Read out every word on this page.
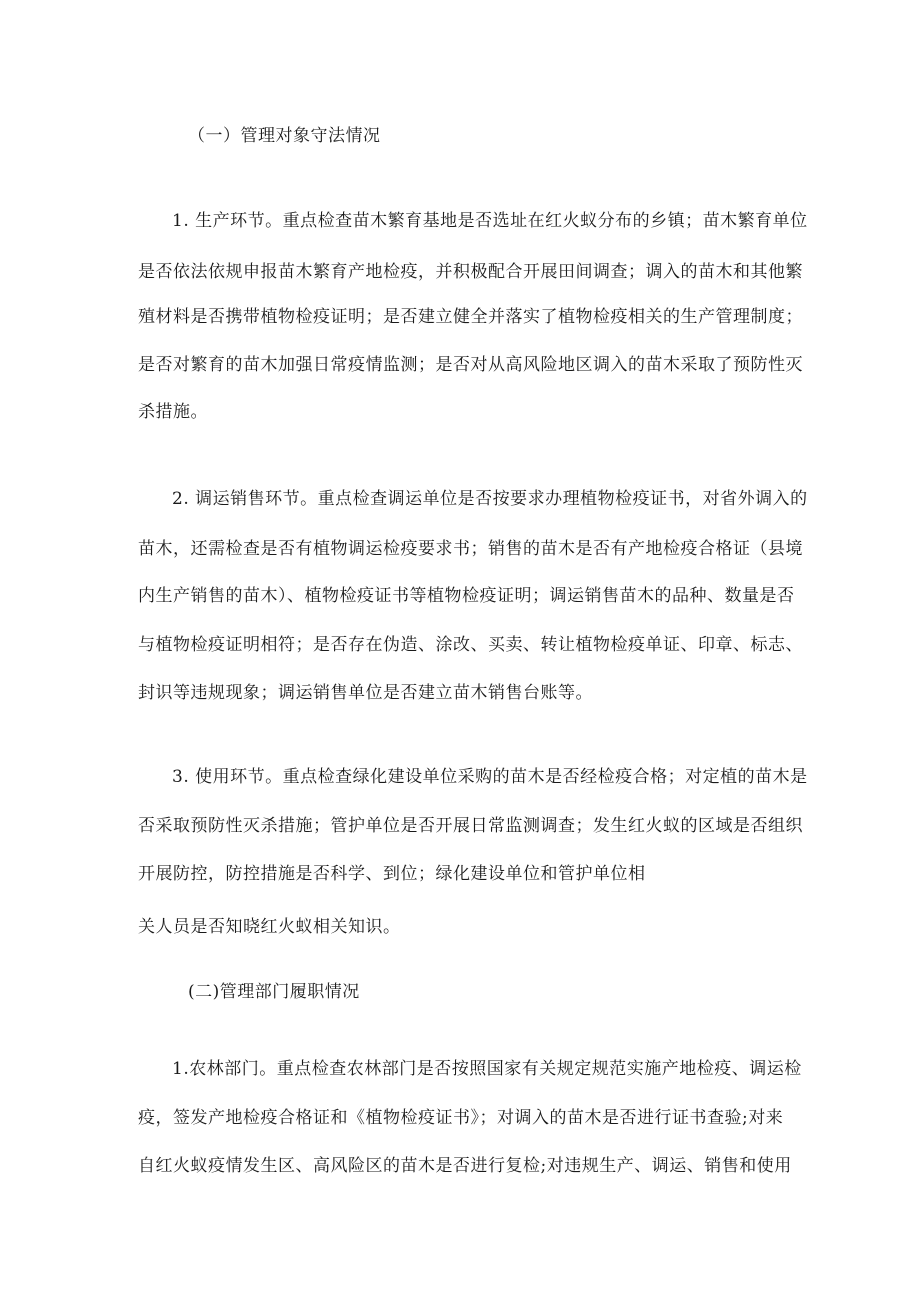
（一）管理对象守法情况
1. 生产环节。重点检查苗木繁育基地是否选址在红火蚁分布的乡镇；苗木繁育单位
是否依法依规申报苗木繁育产地检疫，并积极配合开展田间调查；调入的苗木和其他繁
殖材料是否携带植物检疫证明；是否建立健全并落实了植物检疫相关的生产管理制度；
是否对繁育的苗木加强日常疫情监测；是否对从高风险地区调入的苗木采取了预防性灭
杀措施。
2. 调运销售环节。重点检查调运单位是否按要求办理植物检疫证书，对省外调入的
苗木，还需检查是否有植物调运检疫要求书；销售的苗木是否有产地检疫合格证（县境
内生产销售的苗木）、植物检疫证书等植物检疫证明；调运销售苗木的品种、数量是否
与植物检疫证明相符；是否存在伪造、涂改、买卖、转让植物检疫单证、印章、标志、
封识等违规现象；调运销售单位是否建立苗木销售台账等。
3. 使用环节。重点检查绿化建设单位采购的苗木是否经检疫合格；对定植的苗木是
否采取预防性灭杀措施；管护单位是否开展日常监测调查；发生红火蚁的区域是否组织
开展防控，防控措施是否科学、到位；绿化建设单位和管护单位相
关人员是否知晓红火蚁相关知识。
(二)管理部门履职情况
1.农林部门。重点检查农林部门是否按照国家有关规定规范实施产地检疫、调运检
疫，签发产地检疫合格证和《植物检疫证书》；对调入的苗木是否进行证书查验;对来
自红火蚁疫情发生区、高风险区的苗木是否进行复检;对违规生产、调运、销售和使用
